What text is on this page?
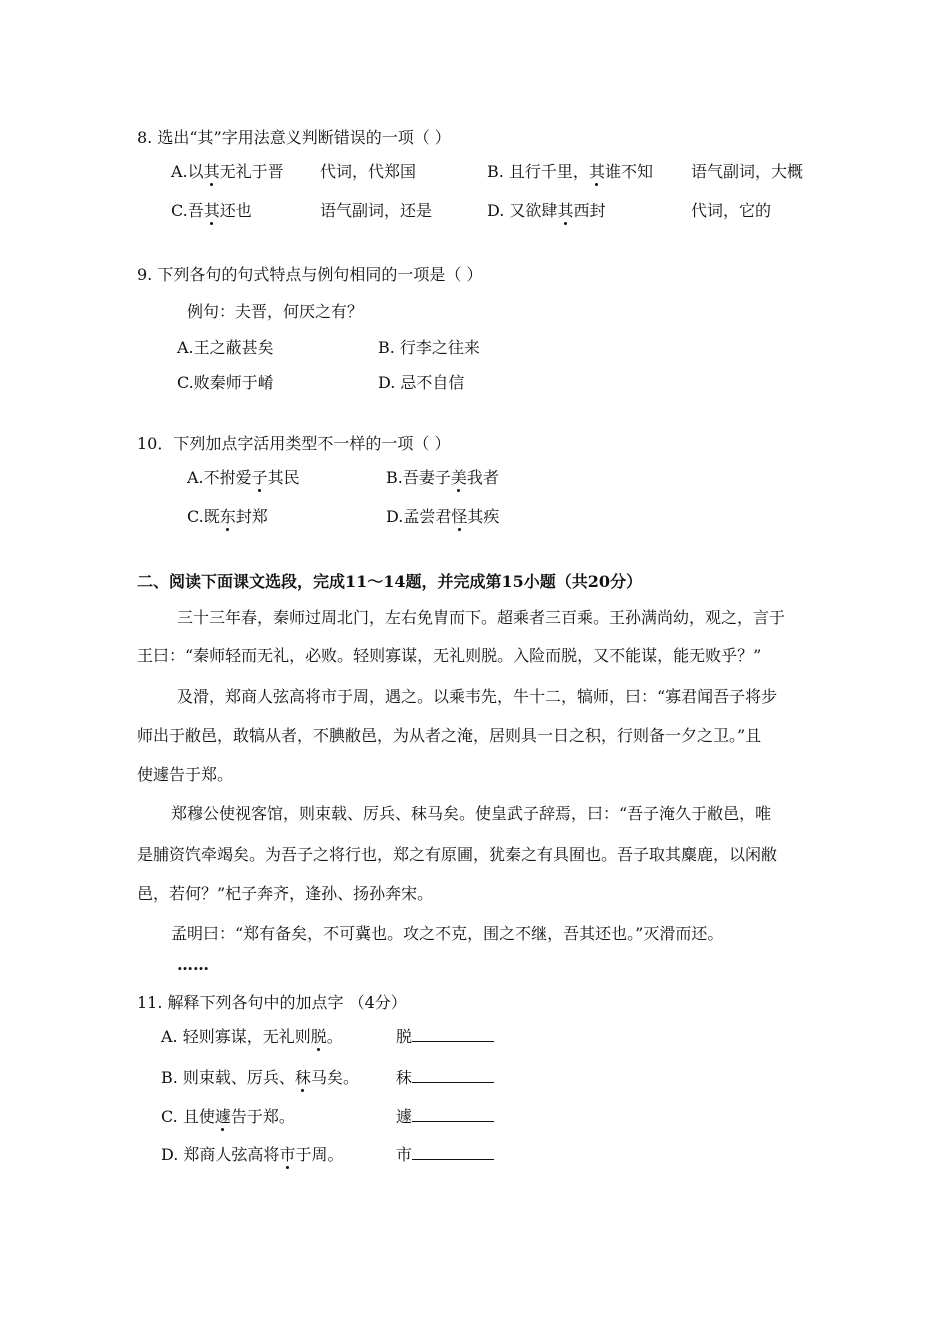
8. 选出“其”字用法意义判断错误的一项（ ）
A.以其无礼于晋 代词，代郑国	B. 且行千里，其谁不知 语气副词，大概
C.吾其还也	语气副词，还是	D. 又欲肆其西封	代词，它的
9. 下列各句的句式特点与例句相同的一项是（ ）
例句：夫晋，何厌之有？
A.王之蔽甚矣	B. 行李之往来
C.败秦师于崤	D. 忌不自信
10．下列加点字活用类型不一样的一项（ ）
A.不拊爱子其民	B.吾妻子美我者
C.既东封郑	D.孟尝君怪其疾
二、阅读下面课文选段，完成11～14题，并完成第15小题（共20分）
三十三年春，秦师过周北门，左右免胄而下。超乘者三百乘。王孙满尚幼，观之，言于
王曰：“秦师轻而无礼，必败。轻则寡谋，无礼则脱。入险而脱，又不能谋，能无败乎？”
及滑，郑商人弦高将市于周，遇之。以乘韦先，牛十二，犒师，曰：“寡君闻吾子将步
师出于敝邑，敢犒从者，不腆敝邑，为从者之淹，居则具一日之积，行则备一夕之卫。”且
使遽告于郑。
郑穆公使视客馆，则束载、厉兵、秣马矣。使皇武子辞焉，曰：“吾子淹久于敝邑，唯
是脯资饩牵竭矣。为吾子之将行也，郑之有原圃，犹秦之有具囿也。吾子取其麋鹿，以闲敝
邑，若何？”杞子奔齐，逢孙、扬孙奔宋。
孟明曰：“郑有备矣，不可冀也。攻之不克，围之不继，吾其还也。”灭滑而还。
……
11. 解释下列各句中的加点字 （4分）
A. 轻则寡谋，无礼则脱。	脱
B. 则束载、厉兵、秣马矣。 秣
C. 且使遽告于郑。	遽
D. 郑商人弦高将市于周。	市
